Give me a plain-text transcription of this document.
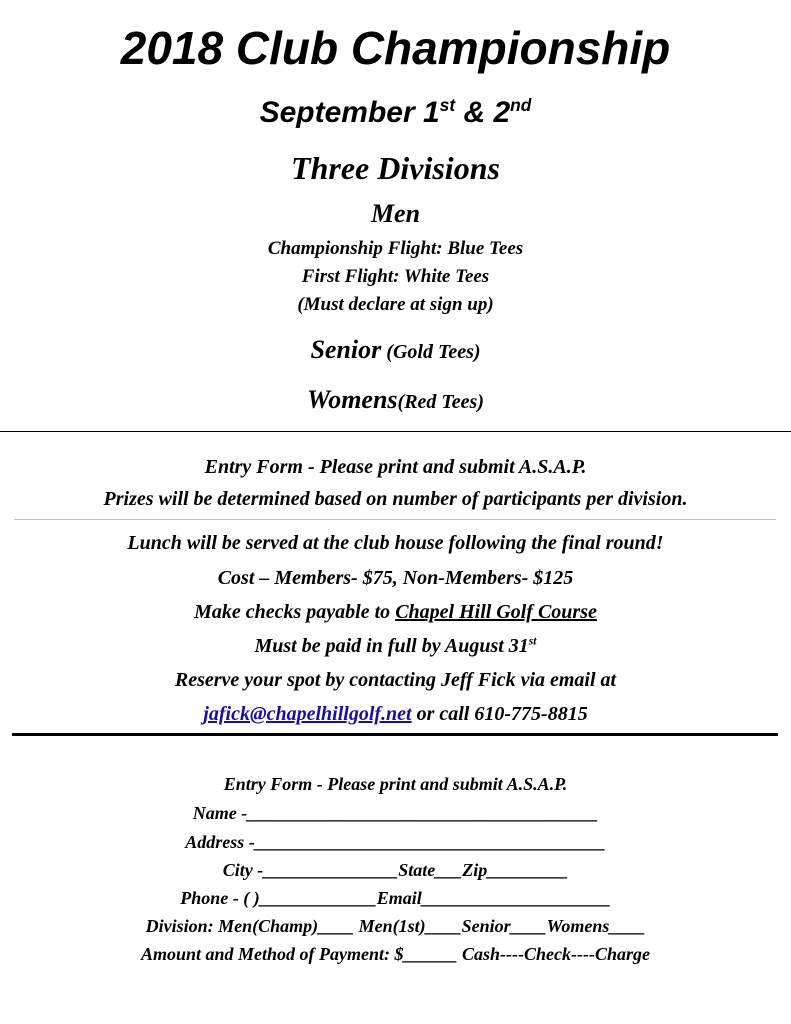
2018 Club Championship
September 1st & 2nd
Three Divisions
Men
Championship Flight: Blue Tees
First Flight: White Tees
(Must declare at sign up)
Senior (Gold Tees)
Womens(Red Tees)
Entry Form - Please print and submit A.S.A.P.
Prizes will be determined based on number of participants per division.
Lunch will be served at the club house following the final round!
Cost – Members- $75, Non-Members- $125
Make checks payable to Chapel Hill Golf Course
Must be paid in full by August 31st
Reserve your spot by contacting Jeff Fick via email at
jafick@chapelhillgolf.net or call 610-775-8815
Entry Form - Please print and submit A.S.A.P.
Name -_______________________________________
Address -_______________________________________
City -_______________State___Zip_________
Phone - ( )_____________Email_____________________
Division: Men(Champ)____ Men(1st)____Senior____Womens____
Amount and Method of Payment: $______ Cash----Check----Charge
